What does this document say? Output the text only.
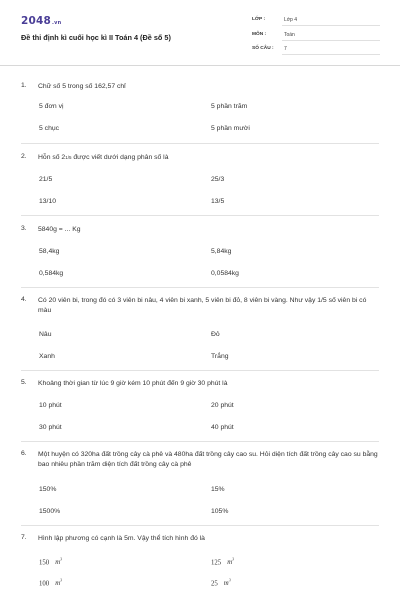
2048.vn
Đề thi định kì cuối học kì II Toán 4 (Đề số 5)
LỚP :	Lớp 4
MÔN :	Toán
SỐ CÂU : 7
1. Chữ số 5 trong số 162,57 chỉ
5 đơn vị	5 phần trăm
5 chục	5 phần mười
2. Hỗn số 21/5 được viết dưới dạng phân số là
21/5	25/3
13/10	13/5
3. 5840g = ... Kg
58,4kg	5,84kg
0,584kg	0,0584kg
4. Có 20 viên bi, trong đó có 3 viên bi nâu, 4 viên bi xanh, 5 viên bi đỏ, 8 viên bi vàng. Như vậy 1/5 số viên bi có màu
Nâu	Đỏ
Xanh	Trắng
5. Khoảng thời gian từ lúc 9 giờ kém 10 phút đến 9 giờ 30 phút là
10 phút	20 phút
30 phút	40 phút
6. Một huyện có 320ha đất trồng cây cà phê và 480ha đất trồng cây cao su. Hỏi diện tích đất trồng cây cao su bằng bao nhiêu phần trăm diện tích đất trồng cây cà phê
150%	15%
1500%	105%
7. Hình lập phương có cạnh là 5m. Vậy thể tích hình đó là
150 $m^3$	125 $m^3$
100 $m^3$	25 $m^3$
